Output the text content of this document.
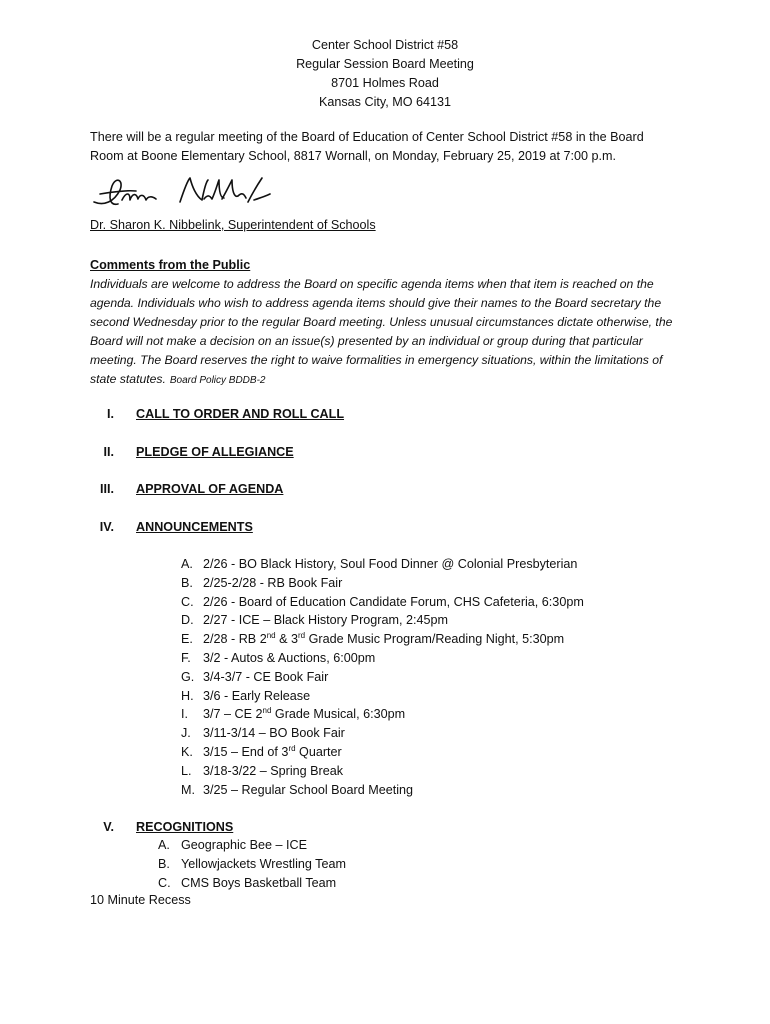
Center School District #58
Regular Session Board Meeting
8701 Holmes Road
Kansas City, MO 64131

There will be a regular meeting of the Board of Education of Center School District #58 in the Board

Room at Boone Elementary School, 8817 Wornall, on Monday, February 25, 2019 at 7:00 p.m.

Dr. Sharon K. Nibbelink, Superintendent of Schools
Comments from the Public
Individuals are welcome to address the Board on specific agenda items when that item is reached on the agenda. Individuals who wish to address agenda items should give their names to the Board secretary the second Wednesday prior to the regular Board meeting. Unless unusual circumstances dictate otherwise, the Board will not make a decision on an issue(s) presented by an individual or group during that particular meeting. The Board reserves the right to waive formalities in emergency situations, within the limitations of state statutes. Board Policy BDDB-2
I. CALL TO ORDER AND ROLL CALL
II. PLEDGE OF ALLEGIANCE
III. APPROVAL OF AGENDA
IV. ANNOUNCEMENTS
A. 2/26 - BO Black History, Soul Food Dinner @ Colonial Presbyterian
B. 2/25-2/28 - RB Book Fair
C. 2/26 - Board of Education Candidate Forum, CHS Cafeteria, 6:30pm
D. 2/27 - ICE – Black History Program, 2:45pm
E. 2/28 - RB 2nd & 3rd Grade Music Program/Reading Night, 5:30pm
F. 3/2 - Autos & Auctions, 6:00pm
G. 3/4-3/7 - CE Book Fair
H. 3/6 - Early Release
I.	3/7 – CE 2nd Grade Musical, 6:30pm
J. 3/11-3/14 – BO Book Fair
K. 3/15 – End of 3rd Quarter
L. 3/18-3/22 – Spring Break
M. 3/25 – Regular School Board Meeting
V. RECOGNITIONS
A. Geographic Bee – ICE
B. Yellowjackets Wrestling Team
C. CMS Boys Basketball Team
10 Minute Recess
